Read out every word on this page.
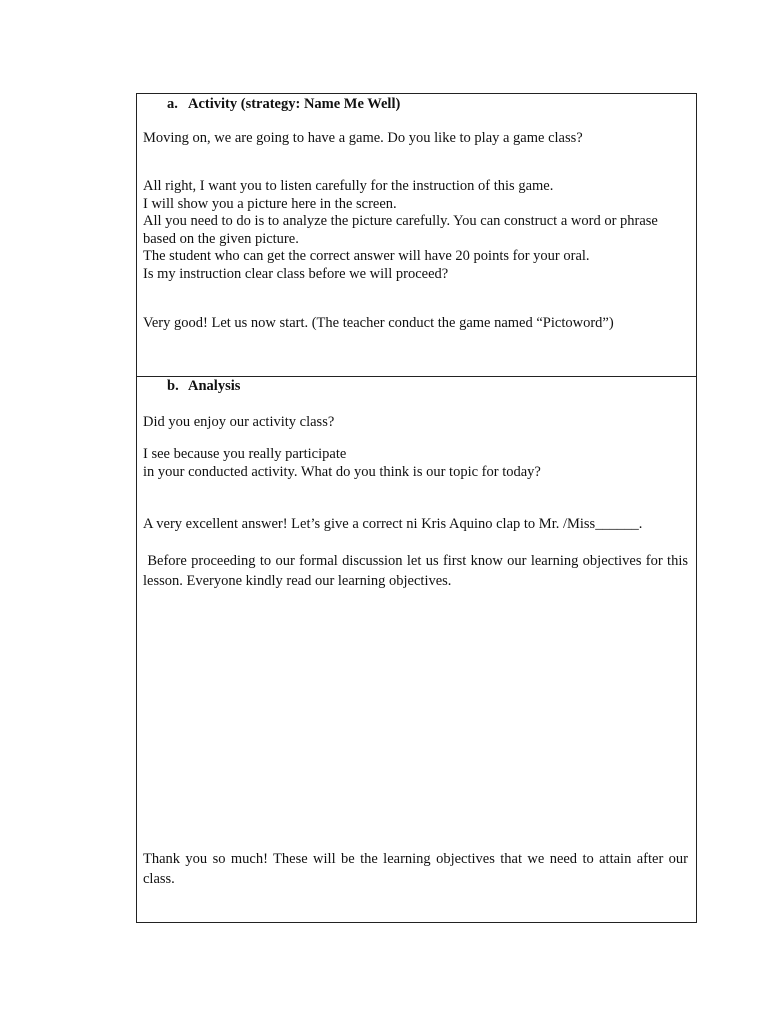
a. Activity (strategy: Name Me Well)
Moving on, we are going to have a game. Do you like to play a game class?
All right, I want you to listen carefully for the instruction of this game.
I will show you a picture here in the screen.
All you need to do is to analyze the picture carefully. You can construct a word or phrase
based on the given picture.
The student who can get the correct answer will have 20 points for your oral.
Is my instruction clear class before we will proceed?
Very good! Let us now start. (The teacher conduct the game named “Pictoword”)
b. Analysis
Did you enjoy our activity class?
I see because you really participate
in your conducted activity. What do you think is our topic for today?
A very excellent answer! Let’s give a correct ni Kris Aquino clap to Mr. /Miss______.
Before proceeding to our formal discussion let us first know our learning objectives for this lesson. Everyone kindly read our learning objectives.
Thank you so much! These will be the learning objectives that we need to attain after our class.
